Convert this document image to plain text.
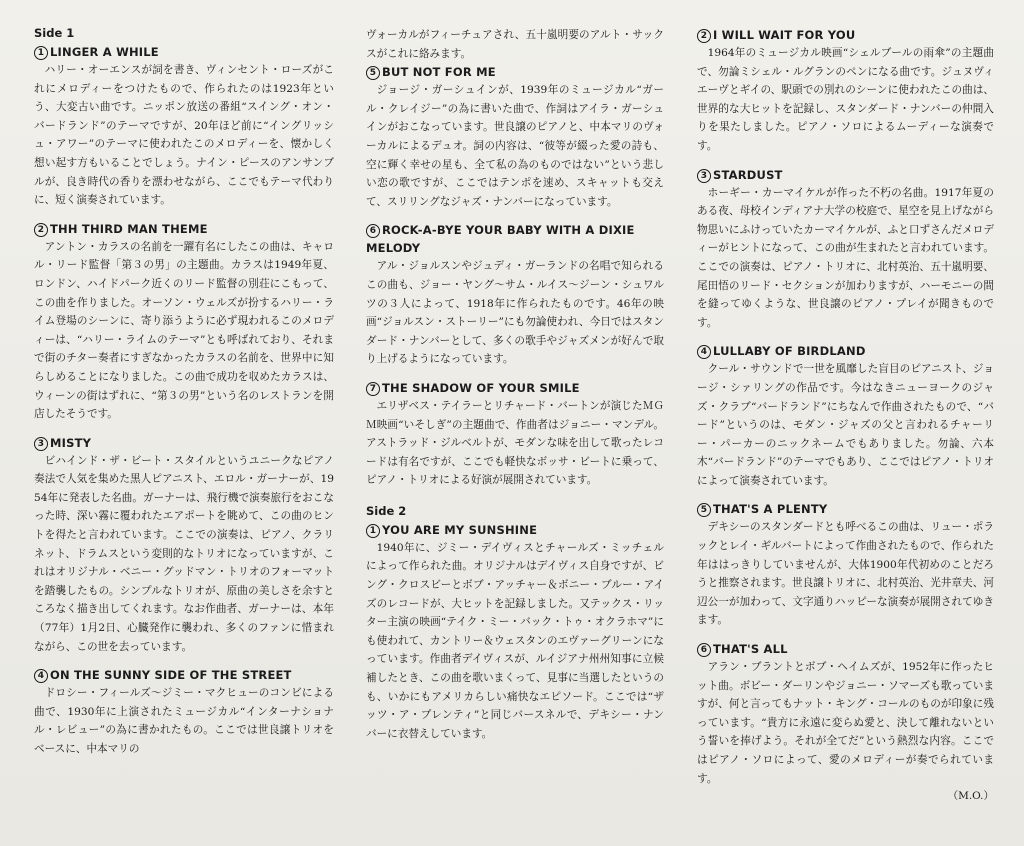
Side 1

1 LINGER A WHILE

ハリー・オーエンスが詞を書き、ヴィンセント・ローズがこれにメロディーをつけたもので、作られたのは1923年という、大変古い曲です。ニッポン放送の番組“スイング・オン・バードランド”のテーマですが、20年ほど前に“イングリッシュ・アワー”のテーマに使われたこのメロディーを、懐かしく想い起す方もいることでしょう。ナイン・ピースのアンサンブルが、良き時代の香りを漂わせながら、ここでもテーマ代わりに、短く演奏されています。

2 THH THIRD MAN THEME

アントン・カラスの名前を一躍有名にしたこの曲は、キャロル・リード監督「第３の男」の主題曲。カラスは1949年夏、ロンドン、ハイドパーク近くのリード監督の別荘にこもって、この曲を作りました。オーソン・ウェルズが扮するハリー・ライム登場のシーンに、寄り添うように必ず現われるこのメロディーは、“ハリー・ライムのテーマ”とも呼ばれており、それまで街のチター奏者にすぎなかったカラスの名前を、世界中に知らしめることになりました。この曲で成功を収めたカラスは、ウィーンの街はずれに、“第３の男”という名のレストランを開店したそうです。

3 MISTY

ビハインド・ザ・ビート・スタイルというユニークなピアノ奏法で人気を集めた黒人ピアニスト、エロル・ガーナーが、1954年に発表した名曲。ガーナーは、飛行機で演奏旅行をおこなった時、深い霧に覆われたエアポートを眺めて、この曲のヒントを得たと言われています。ここでの演奏は、ピアノ、クラリネット、ドラムスという変則的なトリオになっていますが、これはオリジナル・ベニー・グッドマン・トリオのフォーマットを踏襲したもの。シンプルなトリオが、原曲の美しさを余すところなく描き出してくれます。なお作曲者、ガーナーは、本年（77年）1月2日、心臓発作に襲われ、多くのファンに惜まれながら、この世を去っています。

4 ON THE SUNNY SIDE OF THE STREET

ドロシー・フィールズ～ジミー・マクヒューのコンビによる曲で、1930年に上演されたミュージカル“インターナショナル・レビュー”の為に書かれたもの。ここでは世良譲トリオをベースに、中本マリの

ヴォーカルがフィーチュアされ、五十嵐明要のアルト・サックスがこれに絡みます。

5 BUT NOT FOR ME

ジョージ・ガーシュインが、1939年のミュージカル“ガール・クレイジー”の為に書いた曲で、作詞はアイラ・ガーシュインがおこなっています。世良譲のピアノと、中本マリのヴォーカルによるデュオ。詞の内容は、“彼等が綴った愛の詩も、空に輝く幸せの星も、全て私の為のものではない”という悲しい恋の歌ですが、ここではテンポを速め、スキャットも交えて、スリリングなジャズ・ナンバーになっています。

6 ROCK-A-BYE YOUR BABY WITH A DIXIE MELODY

アル・ジョルスンやジュディ・ガーランドの名唱で知られるこの曲も、ジョー・ヤング～サム・ルイス～ジーン・シュワルツの３人によって、1918年に作られたものです。46年の映画“ジョルスン・ストーリー”にも勿論使われ、今日ではスタンダード・ナンバーとして、多くの歌手やジャズメンが好んで取り上げるようになっています。

7 THE SHADOW OF YOUR SMILE

エリザベス・テイラーとリチャード・バートンが演じたＭＧＭ映画“いそしぎ”の主題曲で、作曲者はジョニー・マンデル。アストラッド・ジルベルトが、モダンな味を出して歌ったレコードは有名ですが、ここでも軽快なボッサ・ビートに乗って、ピアノ・トリオによる好演が展開されています。

Side 2

1 YOU ARE MY SUNSHINE

1940年に、ジミー・デイヴィスとチャールズ・ミッチェルによって作られた曲。オリジナルはデイヴィス自身ですが、ビング・クロスビーとボブ・アッチャー＆ボニー・ブルー・アイズのレコードが、大ヒットを記録しました。又テックス・リッター主演の映画“テイク・ミー・バック・トゥ・オクラホマ”にも使われて、カントリー＆ウェスタンのエヴァーグリーンになっています。作曲者デイヴィスが、ルイジアナ州州知事に立候補したとき、この曲を歌いまくって、見事に当選したというのも、いかにもアメリカらしい痛快なエピソード。ここでは“ザッツ・ア・プレンティ”と同じバースネルで、デキシー・ナンバーに衣替えしています。

2 I WILL WAIT FOR YOU

1964年のミュージカル映画“シェルブールの雨傘”の主題曲で、勿論ミシェル・ルグランのペンになる曲です。ジュヌヴィエーヴとギイの、駅頭での別れのシーンに使われたこの曲は、世界的な大ヒットを記録し、スタンダード・ナンバーの仲間入りを果たしました。ピアノ・ソロによるムーディーな演奏です。

3 STARDUST

ホーギー・カーマイケルが作った不朽の名曲。1917年夏のある夜、母校インディアナ大学の校庭で、星空を見上げながら物思いにふけっていたカーマイケルが、ふと口ずさんだメロディーがヒントになって、この曲が生まれたと言われています。ここでの演奏は、ピアノ・トリオに、北村英治、五十嵐明要、尾田悟のリード・セクションが加わりますが、ハーモニーの間を縫ってゆくような、世良譲のピアノ・プレイが聞きものです。

4 LULLABY OF BIRDLAND

クール・サウンドで一世を風靡した盲目のピアニスト、ジョージ・シァリングの作品です。今はなきニューヨークのジャズ・クラブ“バードランド”にちなんで作曲されたもので、“バード”というのは、モダン・ジャズの父と言われるチャーリー・パーカーのニックネームでもありました。勿論、六本木“バードランド”のテーマでもあり、ここではピアノ・トリオによって演奏されています。

5 THAT'S A PLENTY

デキシーのスタンダードとも呼べるこの曲は、リュー・ポラックとレイ・ギルバートによって作曲されたもので、作られた年ははっきりしていませんが、大体1900年代初めのことだろうと推察されます。世良譲トリオに、北村英治、光井章夫、河辺公一が加わって、文字通りハッピーな演奏が展開されてゆきます。

6 THAT'S ALL

アラン・ブラントとボブ・ヘイムズが、1952年に作ったヒット曲。ボビー・ダーリンやジョニー・ソマーズも歌っていますが、何と言ってもナット・キング・コールのものが印象に残っています。“貴方に永遠に変らぬ愛と、決して離れないという誓いを捧げよう。それが全てだ”という熱烈な内容。ここではピアノ・ソロによって、愛のメロディーが奏でられています。

（M.O.）
